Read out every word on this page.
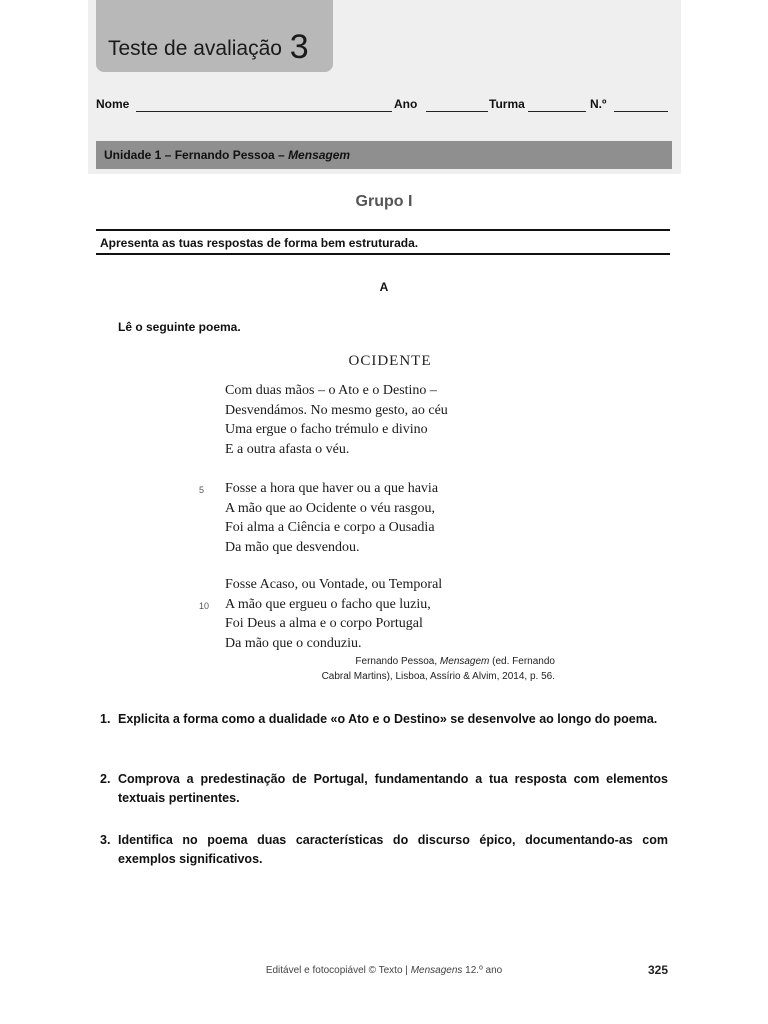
Teste de avaliação 3
Nome	Ano	Turma	N.º
Unidade 1 – Fernando Pessoa – Mensagem
Grupo I
Apresenta as tuas respostas de forma bem estruturada.
A
Lê o seguinte poema.
OCIDENTE
Com duas mãos – o Ato e o Destino –
Desvendámos. No mesmo gesto, ao céu
Uma ergue o facho trémulo e divino
E a outra afasta o véu.
5 Fosse a hora que haver ou a que havia
A mão que ao Ocidente o véu rasgou,
Foi alma a Ciência e corpo a Ousadia
Da mão que desvendou.
Fosse Acaso, ou Vontade, ou Temporal
10 A mão que ergueu o facho que luziu,
Foi Deus a alma e o corpo Portugal
Da mão que o conduziu.
Fernando Pessoa, Mensagem (ed. Fernando
Cabral Martins), Lisboa, Assírio & Alvim, 2014, p. 56.
1. Explicita a forma como a dualidade «o Ato e o Destino» se desenvolve ao longo do poema.
2. Comprova a predestinação de Portugal, fundamentando a tua resposta com elementos textuais pertinentes.
3. Identifica no poema duas características do discurso épico, documentando-as com exemplos significativos.
Editável e fotocopiável © Texto | Mensagens 12.º ano	325
